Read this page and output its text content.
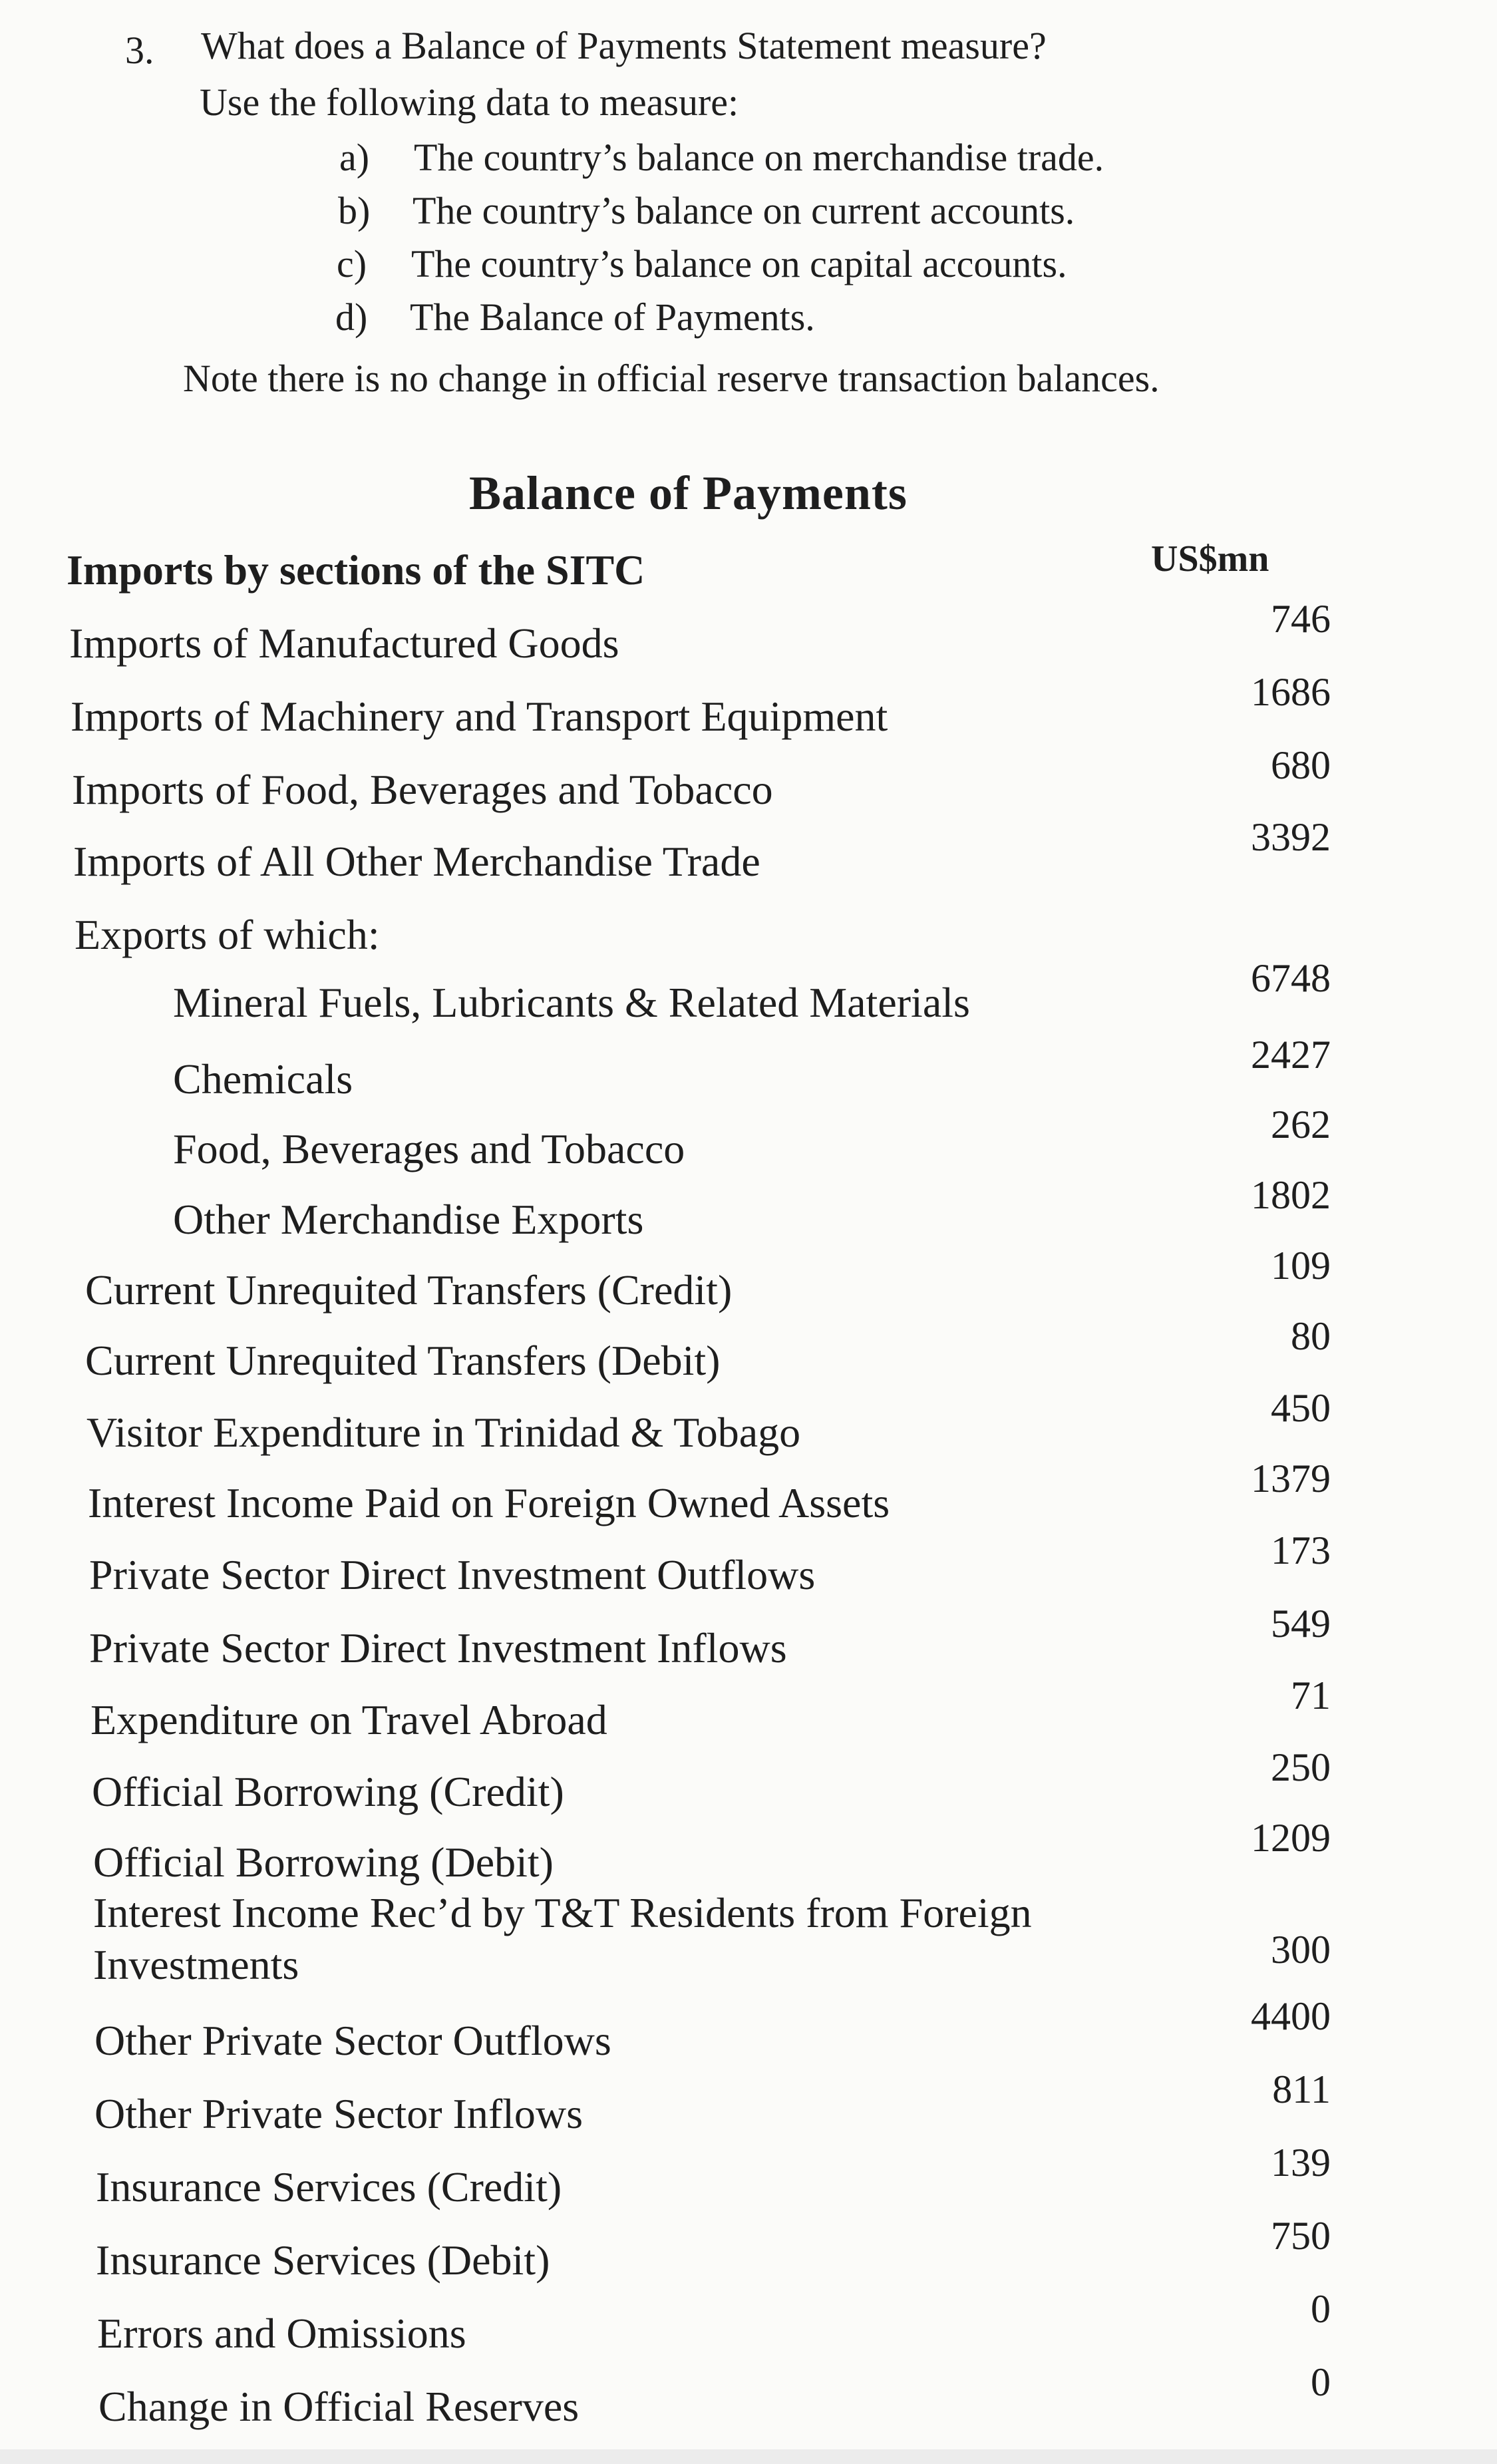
3. What does a Balance of Payments Statement measure?
Use the following data to measure:
a) The country’s balance on merchandise trade.
b) The country’s balance on current accounts.
c) The country’s balance on capital accounts.
d) The Balance of Payments.
Note there is no change in official reserve transaction balances.
Balance of Payments
US$mn
Imports by sections of the SITC
Imports of Manufactured Goods
746
Imports of Machinery and Transport Equipment
1686
Imports of Food, Beverages and Tobacco
680
Imports of All Other Merchandise Trade
3392
Exports of which:
Mineral Fuels, Lubricants & Related Materials
6748
Chemicals
2427
Food, Beverages and Tobacco
262
Other Merchandise Exports
1802
Current Unrequited Transfers (Credit)
109
Current Unrequited Transfers (Debit)
80
Visitor Expenditure in Trinidad & Tobago
450
Interest Income Paid on Foreign Owned Assets
1379
Private Sector Direct Investment Outflows
173
Private Sector Direct Investment Inflows
549
Expenditure on Travel Abroad
71
Official Borrowing (Credit)
250
Official Borrowing (Debit)
1209
Interest Income Rec’d by T&T Residents from Foreign Investments	300
Other Private Sector Outflows
4400
Other Private Sector Inflows
811
Insurance Services (Credit)
139
Insurance Services (Debit)
750
Errors and Omissions
0
Change in Official Reserves
0
